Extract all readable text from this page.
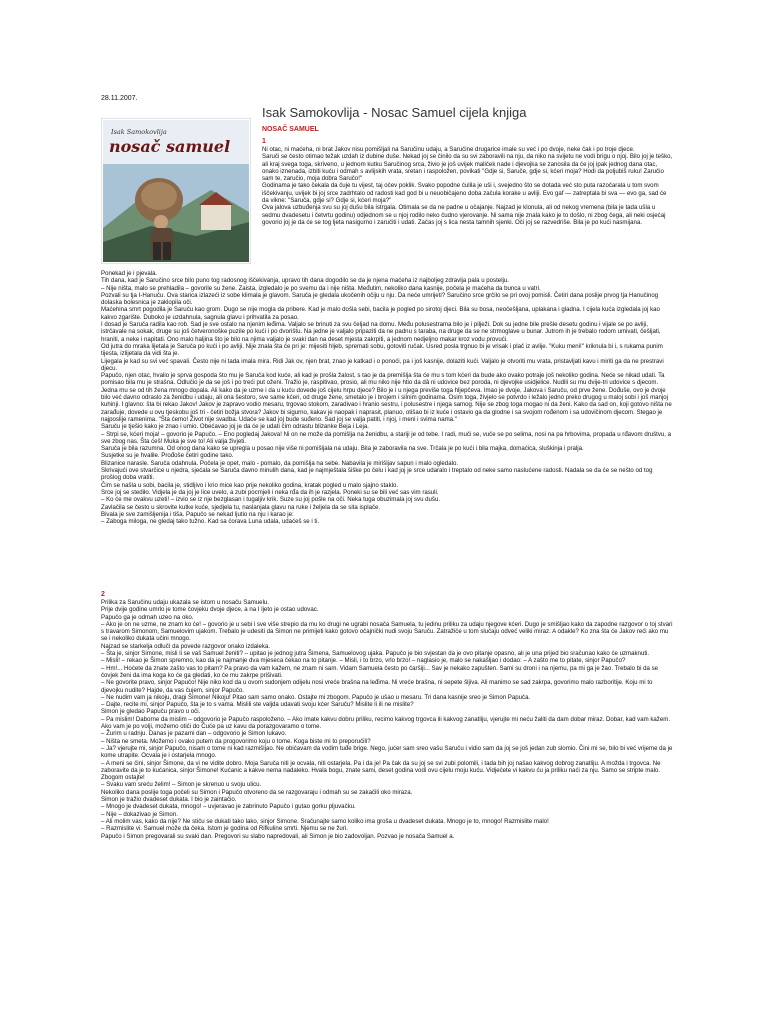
28.11.2007.
Isak Samokovlija
nosač samuel
Isak Samokovlija - Nosac Samuel cijela knjiga
NOSAČ SAMUEL
1

Ni otac, ni maćeha, ni brat Jakov nisu pomišljali na Saručinu udaju, a Saručine drugarice imale su već i po dvoje, neke čak i po troje djece.

Saruči se često otimao težak uzdah iz dubine duše. Nekad joj se činilo da su svi zaboravili na nju, da niko na svijetu ne vodi brigu o njoj. Bilo joj je teško, ali krај svega toga, skriveno, u jednom kutku Saručinog srca, živio je još uvijek maliček nade i djevojka se zanosila da će joj ipak jednog dana otac, onako iznenada, izbiti kuću i odmah s avlijskih vrata, sretan i raspoložen, povikati "Gdje si, Saruče, gdje si, kćeri moja? Hodi da poljubiš ruku! Zaručio sam te, zaručio, moja dobra Saručo!"

Godinama je tako čekala da čuje tu vijest, taj očev poklik. Svako popodne ćulila je uši i, svejedno što se dotada već sto puta razočarala u tom svom iščekivanju, uvijek bi joj srce zadrhtalo od radosti kad god bi u neuobičajeno doba začula korake u avliji. Evo gaf — zatreptala bi sva — evo ga, sad će da vikne: "Saruča, gdje si? Gdje si, kćeri moja?"

Ova jalova uzbuđenja svu su joj dušu bila istrgala. Otimala se da ne padne u očajanje. Najzad je klonula, ali od nekog vremena (bila je tada ušla u sedmu dvadesetu i četvrtu godinu) odjednom se u njoj rodilo neko čudno vjerovanje. Ni sama nije znala kako je to došlo, ni zbog čega, ali neki osjećaj govorio joj je da će se tog ljeta nasigurno i zaručiti i udati. Začas joj s lica nesta tamnih sjenki. Oči joj se razvedriše. Bila je po kući nasmijana.

Ponekad je i pjevala.

Tih dana, kad je Saručino srce bilo puno tog radosnog iščekivanja, upravo tih dana dogodilo se da je njena maćeha iz najboljeg zdravlja pala u postelju.

– Nije ništa, malo se prehladila – govorile su žene. Zaista, izgledalo je po svemu da i nije ništa. Međutim, nekoliko dana kasnije, počela je maćeha da bunca u vatri.

Pozvali su tja I-Hanuču. Ova starica izlazeći iz sobe klimala je glavom. Saruča je gledala ukočenih očiju u nju. Da neće umrijeti? Saručino srce grčilo se pri ovoj pomisli. Četiri dana poslije prvog tja Hanučinog dolaska bolesnica je zaklopila oči.

Maćehina smrt pogodila je Saruču kao grom. Dugo se nije mogla da pribere. Kad je malo došla sebi, bacila je pogled po sirotoj djeci. Bila su bosa, neočešljana, uplakana i gladna. I cijela kuća izgledala joj kao kakvo zgarište. Duboko je uzdahnula, sagnula glavu i prihvatila za posao.

I dosad je Saruča radila kao rob. Sad je sve ostalo na njenim leđima. Valjalo se brinuti za svu čeljad na domu. Među polusestrama bilo je i pilježi. Dok su jedne bile prešle desetu godinu i vijale se po avliji, istrčavale na sokak, druge su još četveronoške puzile po kući i po dvorištu. Na jedne je valjalo pripaziti da ne padnu s taraba, na druge da se ne strmoglave u bunar. Jutrom ih je trebalo rodom umivati, češljati, hraniti, a neke i napitati. Ono malo haljina što je bilo na njima valjalo je svaki dan na deset mjesta zakrpiti, a jednom nedjeljno makar kroz vodu provući.

Od jutra do mraka lijetala je Saruča po kući i po avliji. Nije znala šta će pri je: mijesiti hljeb, spremati sobu, gotoviti ručak. Usred posla trgnuo bi je vrisak i plač iz avlije. "Kuku meni!" kriknula bi i, s rukama punim tijesta, izlijetala da vidi šta je.

Lijegala je kad su svi već spavali. Često nije ni tada imala mira. Ridi Jak ov, njen brat, znao je katkad i o ponoći, pa i još kasnije, dolaziti kući. Valjalo je otvoriti mu vrata, pristavljati kavu i miriti ga da ne prestravi djecu.

Papučo, njen otac, hvalio je sprva gospoda što mu je Saruča kod kuće, ali kad je prošla žalost, s tao je da premišlja šta će mu s tom kćeri da bude ako ovako potraje još nekoliko godina. Neće se nikad udati. Ta pomisao bila mu je strašna. Odlučio je da se još i po treći put oženi. Tražio je, raspitivao, prosio, ali mu niko nije htio da dâ ni udovice bez poroda, ni djevojke usidjelice. Nudili su mu dvije-tri udovice s djecom. Jedna mu se od tih žena mnogo dopala. Ali kako da je uzme i da u kuću dovede još cijelu hrpu djece? Bilo je i u njega previše toga hljepčeva. Imao je dvoje, Jakova i Saruču, od prve žene. Dođuše, ovo je dvoje bilo već davno odraslo za ženidbu i udaju, ali ona šestoro, sve same kćeri, od druge žene, smetalo je i brojem i silnim godinama. Osim toga, živjelo se potvrdo i ležalo jedno preko drugog u maloj sobi i još manjoj kuhinji. I glavno: šta bi rekao Jakov! Jakov je zapravo vodio mesaru, trgovao stokom, zaradivao i hranio sestru, i polusestre i njega samog. Nije se zbog toga mogao ni da ženi. Kako da sad on, koji gotovo ništa ne zarađuje, dovede u ovu tjeskobu još tri - četiri božja stvora? Jakov bi sigurno, kakav je naopak i naprasit, planuo, otišao bi iz kuće i ostavio ga da glodne i sa svojom rođenom i sa udovičinom djecom. Stegao je najposlije ramenima. "Šta ćemo! Život nije svadba. Udaće se kad joj bude suđeno. Sad joj se valja patiti, i njoj, i meni i svima nama."

Saruču je tješio kako je znao i umio. Obećavao joj je da će je udati čim odrastu blizanke Beja i Leja.

– Strpi se, kćeri moja! – govorio je Papučo. – Eno pogledaj Jakova! Ni on ne može da pomišlja na ženidbu, a stariji je od tebe. I radi, muči se, vuče se po selima, nosi na pa hrbovima, propada u rđavom društvu, a sve zbog nas. Šta ćeš! Muka je sve to! Ali valja živjeti.

Saruča je bila razumna. Od onog dana kako se upregla u posao nije više ni pomišljala na udaju. Bila je zaboravila na sve. Trčala je po kući i bila majka, domaćica, sluškinja i pralja.

Susjetke su je hvalile. Prođoše četiri godine tako.

Blizanice narasle. Saruča odahnula. Počela je opet, malo - pomalo, da pomišlja na sebe. Nabavila je mirišljav sapun i malo ogledalo.

Skrivajući ove stvarčice u njedra, sjećala se Saruča davno minulih dana, kad je najmještala šiške po čelu i kad joj je srce udaralo i treptalo od neke samo naslućene radosti. Nadala se da će se nešto od tog prošlog doba vratiti.

Čim se našla u sobi, bacila je, stidljivo i krio mice kao prije nekoliko godina, kratak pogled u malo sjajno staklo.

Srce joj se stediło. Vidjela je da joj je lice uvelo, a zubi pocmjeli i neka rđa da ih je razjela. Poneki su se bili već sas vim rasuli.

– Ko će me ovakvu uzeti! – izvio se iz nje bezglasan i tugaljiv krik. Suze su joj pošle na oči. Neka tuga obuzimala joj svu dušu.

Zavlačila se često u skrovite kutke kuće, sjedjela tu, naslanjala glavu na ruke i željela da se sita isplače.

Bivala je sve zamišljenija i tiša. Papučo se nekad ljutio na nju i karao je:

– Zaboga miloga, ne gledaj tako tužno. Kad sa ćorava Luna udala, udaćeš se i ti.

2

Prilika za Saručinu udaju ukazala se istom u nosaču Samuelu.

Prije dvije godine umrlo je tome čovjeku dvoje djece, a na I ljeto je ostao udovac.

Papučo ga je odmah uzeo na oko.

– Ako je on ne uzme, ne znam ko će! – govorio je u sebi i sve više strepio da mu ko drugi ne ugrabi nosača Samuela, tu jedinu priliku za udaju njegove kćeri. Dugo je smišljao kako da zapodne razgovor o toj stvari s travarom Simonom, Samuelovim ujakom. Trebalo je udesiti da Simon ne primijeti kako gotovo očajnički nudi svoju Saruču. Zatražiće u tom slučaju odveć veliki miraz. A odakle? Ko zna šta će Jakov reći ako mu se i nekoliko dukata učini mnogo.

Najzad se starkelja odlučì da povede razgovor onako izdaleka.

– Šta je, sinjor Simone, misli li se vaš Samuel ženiti? – upitao je jednog jutra Šimena, Samuelovog ujaka. Papučo je bio svjestan da je ovo pitanje opasno, ali je una prijed bio sračunao kako će uzmaknuti.

– Misli! – rekao je Šimon spremno, kao da je najmanje dva mjeseca čekao na to pitanje. – Misli, i to brzo, vrlo brzo! – naglasio je, malo se nakašljao i dodao: – A zašto me to pitate, sinjor Papučo?

– Hm!... Hoćete da znate zašto vas to pitam? Pa pravo da vam kažem, ne znam ni sam. Vidam Samuela često po čaršiji... Sav je nekako zapušten. Sami su droni i na njemu, pa mi ga je žao. Trebalo bi da se čovjek ženi da ima koga ko će ga gledati, ko će mu zakrpe prišivati.

– Ne govorite pravo, sinjor Papučo! Nije niko kod da u ovom sudonjem odijelu nosi vreće brašna na leđima. Ni vreće brašna, ni sepete šljiva. Ali manimo se sad zakrpa, govorimo malo razboritije. Koju mi to djevojku nudite? Hajde, da vas čujem, sinjor Papučo.

– Ne nudim vam ja nikoju, dragi Šimone! Nikoju! Pitao sam samo onako. Ostajte mi zbogom. Papučo je ušao u mesaru. Tri dana kasnije sreo je Simon Papuča.

– Dajte, recite mi, sinjor Papučo, šta je to s vama. Mislili ste valjda udavati svoju kćer Saruču? Mislite li ili ne mislite?

Simon je gledao Papuču pravo u oči.

– Pa mislim! Daborne da mislim – odgovorio je Papučo raspoloženo. – Ako imate kakvu dobru priliku, recimo kakvog trgovca ili kakvog zanatliju, vjerujte mi neću žaliti da dam dobar miraz. Dobar, kad vam kažem. Ako vam je po volji, možemo otići do Čuće pa uz kavu da porazgovaramo o tome.

– Žurim u radnju. Danas je pazarni dan – odgovorio je Simon lukavo.

– Ništa ne smeta. Možemo i ovako putem da progovorimo koju o tome. Koga biste mi to preporučili?

– Ja? vjerujte mi, sinjor Papučo, nisam o tome ni kad razmišljao. Ne obićavam da vodim tuđe brige. Nego, jućer sam sreo vašu Saruču i vidio sam da joj se još jedan zub slomio. Čini mi se, bilo bi već vrijeme da je kome utrapite. Ocvala je i ostarjela mnogo.

– A meni se čini, sinjor Šimone, da vi ne vidite dobro. Moja Saruča niti je ocvala, niti ostarjela. Pa i da je! Pa čak da su joj se svi zubi polomili, i tada bih joj našao kakvog dobrog zanatliju. A možda i trgovca. Ne zaboravite da je to kućanica, sinjor Šimone! Kućanic a kakve nema nadaleko. Hvala bogu, znate sami, deset godina vodi ovu cijelu moju kuću. Vidjećete vi kakvu ću ja priliku naći za nju. Samo se stripte malo. Zbogom ostajte!

– Svaku vam sreću želim! – Simon je skrenuo u svoju ulicu.

Nekoliko dana poslije toga počeli su Simon i Papučo otvoreno da se razgovaraju i odmah su se zakačili oko miraza.

Simon je tražio dvadeset dukata. I bio je zaintačio.

– Mnogo je dvadeset dukata, mnogo! – uvjeravao je zabrinuto Papučo i gutao gorku pljuvačku.

– Nije – dokazivao je Simon.

– Ali molim vas, kako da nije? Ne stiču se dukati tako lako, sinjor Simone. Sračunajte samo koliko ima groša u dvadeset dukata. Mnogo je to, mnogo! Razmislite malo!

– Razmislite vi. Samuel može da čeka. Istom je godina od Rifkuline smrti. Njemu se ne žuri.

Papučo i Simon pregovarali su svaki dan. Pregovori su slabo napredovali, ali Simon je bio zadovoljan. Pozvao je nosača Samuel a.
